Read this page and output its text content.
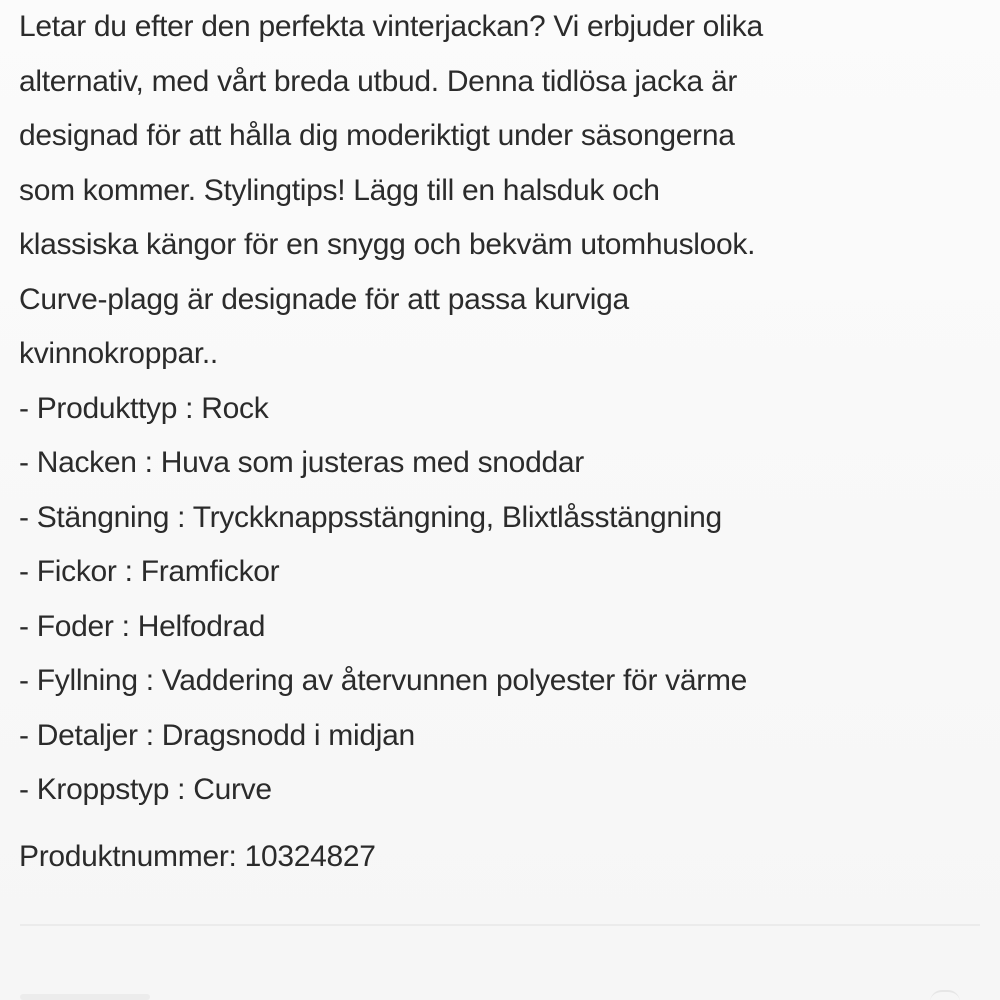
Letar du efter den perfekta vinterjackan? Vi erbjuder olika
alternativ, med vårt breda utbud. Denna tidlösa jacka är
designad för att hålla dig moderiktigt under säsongerna
som kommer. Stylingtips! Lägg till en halsduk och
klassiska kängor för en snygg och bekväm utomhuslook.
Curve-plagg är designade för att passa kurviga
kvinnokroppar..

- Produkttyp : Rock
- Nacken : Huva som justeras med snoddar
- Stängning : Tryckknappsstängning, Blixtlåsstängning
- Fickor : Framfickor
- Foder : Helfodrad
- Fyllning : Vaddering av återvunnen polyester för värme
- Detaljer : Dragsnodd i midjan
- Kroppstyp : Curve
Produktnummer: 10324827
